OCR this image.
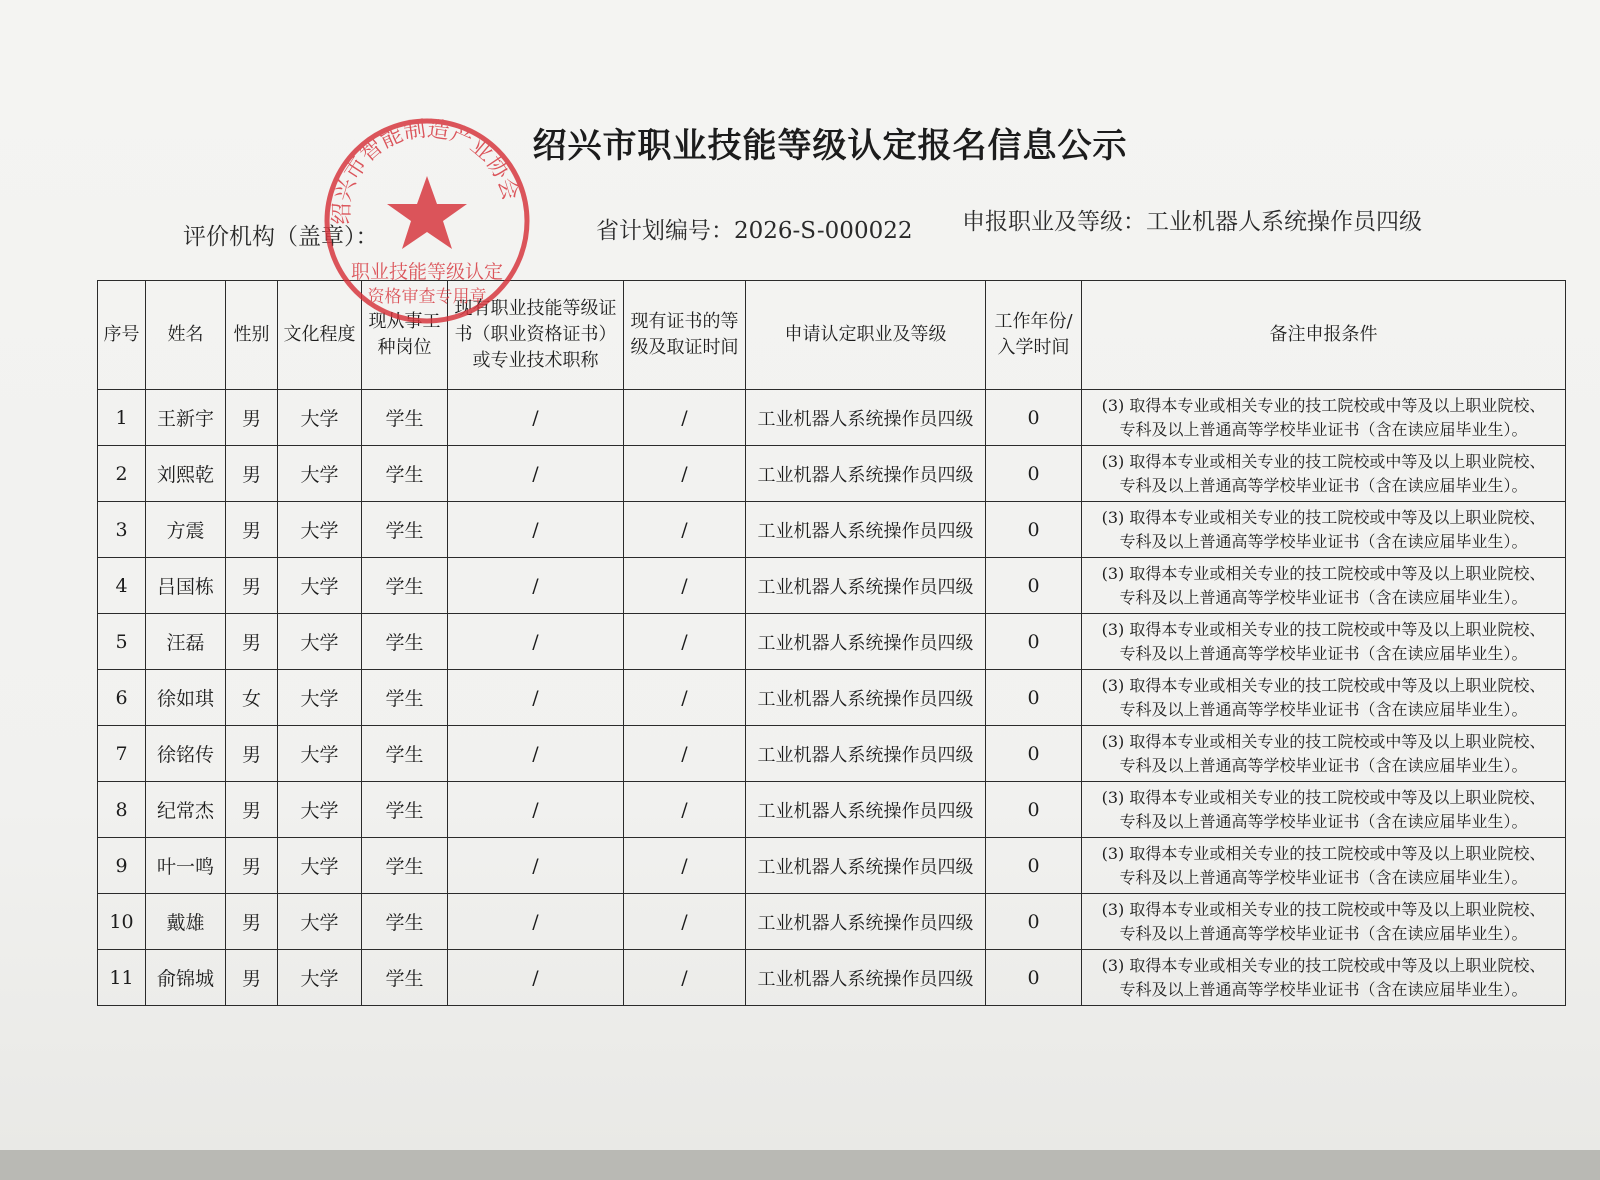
绍兴市职业技能等级认定报名信息公示
评价机构（盖章）：	省计划编号：2026-S-000022 申报职业及等级：工业机器人系统操作员四级
序号	姓名	性别	文化程度	现从事工种岗位	现有职业技能等级证书（职业资格证书）或专业技术职称	现有证书的等级及取证时间	申请认定职业及等级	工作年份/入学时间	备注申报条件
1	王新宇	男	大学	学生	/	/	工业机器人系统操作员四级	0	(3) 取得本专业或相关专业的技工院校或中等及以上职业院校、
专科及以上普通高等学校毕业证书（含在读应届毕业生）。

2	刘熙乾	男	大学	学生	/	/	工业机器人系统操作员四级	0	(3) 取得本专业或相关专业的技工院校或中等及以上职业院校、
专科及以上普通高等学校毕业证书（含在读应届毕业生）。

3	方震	男	大学	学生	/	/	工业机器人系统操作员四级	0	(3) 取得本专业或相关专业的技工院校或中等及以上职业院校、
专科及以上普通高等学校毕业证书（含在读应届毕业生）。

4	吕国栋	男	大学	学生	/	/	工业机器人系统操作员四级	0	(3) 取得本专业或相关专业的技工院校或中等及以上职业院校、
专科及以上普通高等学校毕业证书（含在读应届毕业生）。

5	汪磊	男	大学	学生	/	/	工业机器人系统操作员四级	0	(3) 取得本专业或相关专业的技工院校或中等及以上职业院校、
专科及以上普通高等学校毕业证书（含在读应届毕业生）。

6	徐如琪	女	大学	学生	/	/	工业机器人系统操作员四级	0	(3) 取得本专业或相关专业的技工院校或中等及以上职业院校、
专科及以上普通高等学校毕业证书（含在读应届毕业生）。

7	徐铭传	男	大学	学生	/	/	工业机器人系统操作员四级	0	(3) 取得本专业或相关专业的技工院校或中等及以上职业院校、
专科及以上普通高等学校毕业证书（含在读应届毕业生）。

8	纪常杰	男	大学	学生	/	/	工业机器人系统操作员四级	0	(3) 取得本专业或相关专业的技工院校或中等及以上职业院校、
专科及以上普通高等学校毕业证书（含在读应届毕业生）。

9	叶一鸣	男	大学	学生	/	/	工业机器人系统操作员四级	0	(3) 取得本专业或相关专业的技工院校或中等及以上职业院校、
专科及以上普通高等学校毕业证书（含在读应届毕业生）。

10	戴雄	男	大学	学生	/	/	工业机器人系统操作员四级	0	(3) 取得本专业或相关专业的技工院校或中等及以上职业院校、
专科及以上普通高等学校毕业证书（含在读应届毕业生）。

11	俞锦城	男	大学	学生	/	/	工业机器人系统操作员四级	0	(3) 取得本专业或相关专业的技工院校或中等及以上职业院校、
专科及以上普通高等学校毕业证书（含在读应届毕业生）。
绍兴市智能制造产业协会
职业技能等级认定
资格审查专用章
